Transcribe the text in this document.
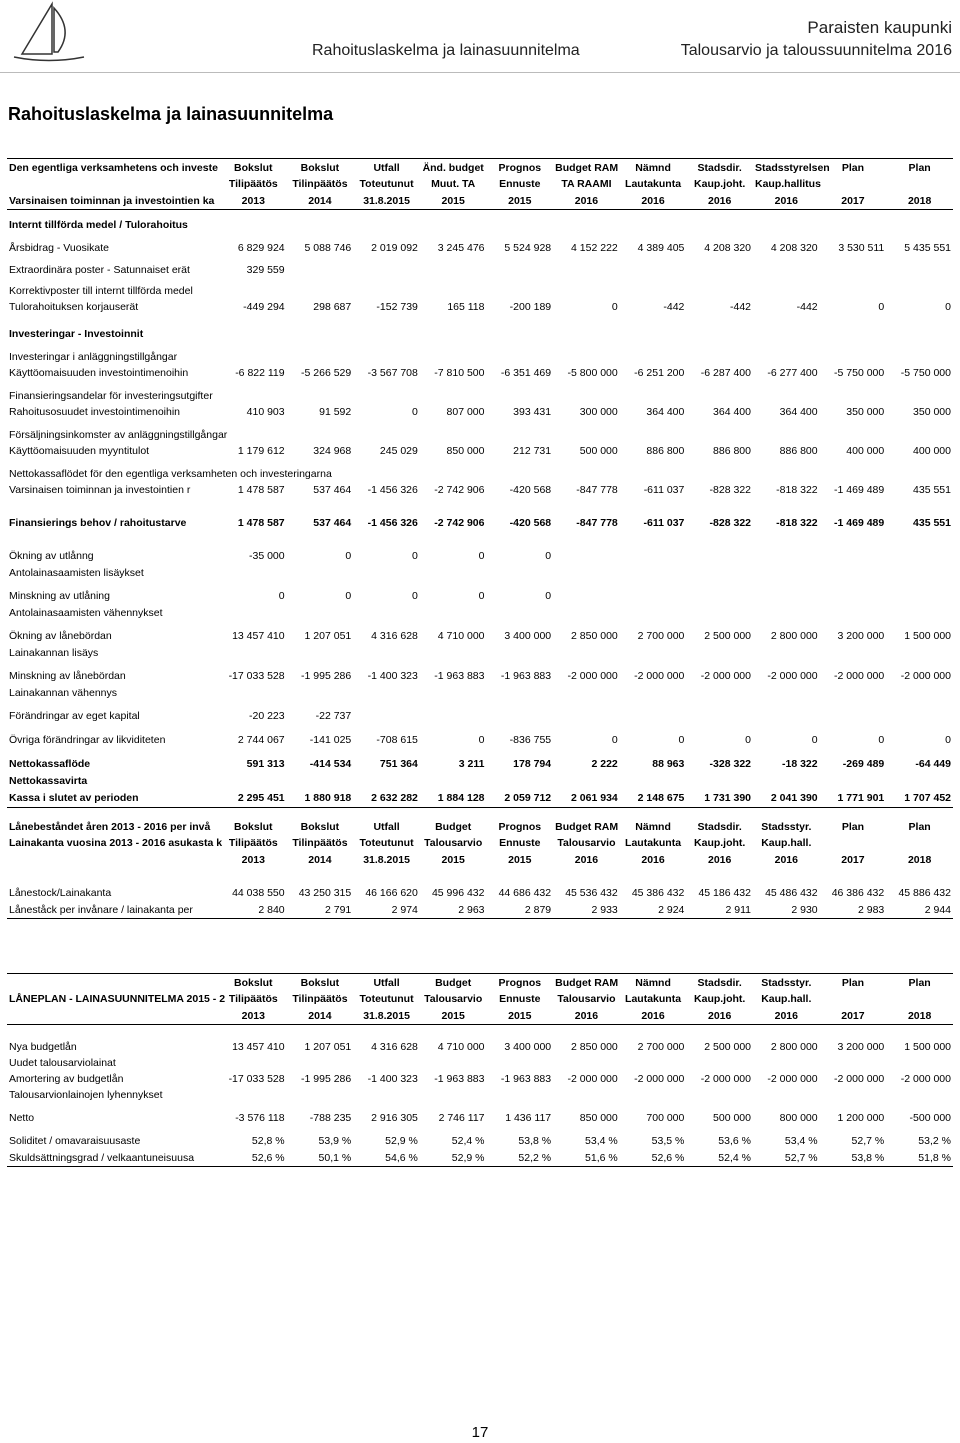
Paraisten kaupunki
Rahoituslaskelma ja lainasuunnitelma	Talousarvio ja taloussuunnitelma 2016
Rahoituslaskelma ja lainasuunnitelma
Den egentliga verksamhetens och investe	Bokslut	Bokslut	Utfall	Änd. budget	Prognos	Budget RAM	Nämnd	Stadsdir.	Stadsstyrelsen	Plan	Plan
	Tilipäätös	Tilinpäätös	Toteutunut	Muut. TA	Ennuste	TA RAAMI	Lautakunta	Kaup.joht.	Kaup.hallitus		
Varsinaisen toiminnan ja investointien ka	2013	2014	31.8.2015	2015	2015	2016	2016	2016	2016	2017	2018

Internt tillförda medel / Tulorahoitus											

Årsbidrag - Vuosikate	6 829 924	5 088 746	2 019 092	3 245 476	5 524 928	4 152 222	4 389 405	4 208 320	4 208 320	3 530 511	5 435 551

Extraordinära poster - Satunnaiset erät	329 559										

Korrektivposter till internt tillförda medel											
Tulorahoituksen korjauserät	-449 294	298 687	-152 739	165 118	-200 189	0	-442	-442	-442	0	0

Investeringar - Investoinnit											

Investeringar i anläggningstillgångar											
Käyttöomaisuuden investointimenoihin	-6 822 119	-5 266 529	-3 567 708	-7 810 500	-6 351 469	-5 800 000	-6 251 200	-6 287 400	-6 277 400	-5 750 000	-5 750 000

Finansieringsandelar för investeringsutgifter											
Rahoitusosuudet investointimenoihin	410 903	91 592	0	807 000	393 431	300 000	364 400	364 400	364 400	350 000	350 000

Försäljningsinkomster av anläggningstillgångar											
Käyttöomaisuuden myyntitulot	1 179 612	324 968	245 029	850 000	212 731	500 000	886 800	886 800	886 800	400 000	400 000

Nettokassaflödet för den egentliga verksamheten och investeringarna											
Varsinaisen toiminnan ja investointien r	1 478 587	537 464	-1 456 326	-2 742 906	-420 568	-847 778	-611 037	-828 322	-818 322	-1 469 489	435 551

Finansierings behov / rahoitustarve	1 478 587	537 464	-1 456 326	-2 742 906	-420 568	-847 778	-611 037	-828 322	-818 322	-1 469 489	435 551

Ökning av utlånng	-35 000	0	0	0	0						
Antolainasaamisten lisäykset											

Minskning av utlåning	0	0	0	0	0						
Antolainasaamisten vähennykset											

Ökning av lånebördan	13 457 410	1 207 051	4 316 628	4 710 000	3 400 000	2 850 000	2 700 000	2 500 000	2 800 000	3 200 000	1 500 000
Lainakannan lisäys											

Minskning av lånebördan	-17 033 528	-1 995 286	-1 400 323	-1 963 883	-1 963 883	-2 000 000	-2 000 000	-2 000 000	-2 000 000	-2 000 000	-2 000 000
Lainakannan vähennys											

Förändringar av eget kapital	-20 223	-22 737									

Övriga förändringar av likviditeten	2 744 067	-141 025	-708 615	0	-836 755	0	0	0	0	0	0

Nettokassaflöde	591 313	-414 534	751 364	3 211	178 794	2 222	88 963	-328 322	-18 322	-269 489	-64 449
Nettokassavirta											
Kassa i slutet av perioden	2 295 451	1 880 918	2 632 282	1 884 128	2 059 712	2 061 934	2 148 675	1 731 390	2 041 390	1 771 901	1 707 452

Lånebeståndet åren 2013 - 2016 per invå	Bokslut	Bokslut	Utfall	Budget	Prognos	Budget RAM	Nämnd	Stadsdir.	Stadsstyr.	Plan	Plan
Lainakanta vuosina 2013 - 2016 asukasta k	Tilipäätös	Tilinpäätös	Toteutunut	Talousarvio	Ennuste	Talousarvio	Lautakunta	Kaup.joht.	Kaup.hall.		
	2013	2014	31.8.2015	2015	2015	2016	2016	2016	2016	2017	2018

Lånestock/Lainakanta	44 038 550	43 250 315	46 166 620	45 996 432	44 686 432	45 536 432	45 386 432	45 186 432	45 486 432	46 386 432	45 886 432
Låneståck per invånare / lainakanta per	2 840	2 791	2 974	2 963	2 879	2 933	2 924	2 911	2 930	2 983	2 944

	Bokslut	Bokslut	Utfall	Budget	Prognos	Budget RAM	Nämnd	Stadsdir.	Stadsstyr.	Plan	Plan
LÅNEPLAN - LAINASUUNNITELMA 2015 - 2	Tilipäätös	Tilinpäätös	Toteutunut	Talousarvio	Ennuste	Talousarvio	Lautakunta	Kaup.joht.	Kaup.hall.		
	2013	2014	31.8.2015	2015	2015	2016	2016	2016	2016	2017	2018

Nya budgetlån	13 457 410	1 207 051	4 316 628	4 710 000	3 400 000	2 850 000	2 700 000	2 500 000	2 800 000	3 200 000	1 500 000
Uudet talousarviolainat											
Amortering av budgetlån	-17 033 528	-1 995 286	-1 400 323	-1 963 883	-1 963 883	-2 000 000	-2 000 000	-2 000 000	-2 000 000	-2 000 000	-2 000 000
Talousarvionlainojen lyhennykset											

Netto	-3 576 118	-788 235	2 916 305	2 746 117	1 436 117	850 000	700 000	500 000	800 000	1 200 000	-500 000

Soliditet / omavaraisuusaste	52,8 %	53,9 %	52,9 %	52,4 %	53,8 %	53,4 %	53,5 %	53,6 %	53,4 %	52,7 %	53,2 %
Skuldsättningsgrad / velkaantuneisuusa	52,6 %	50,1 %	54,6 %	52,9 %	52,2 %	51,6 %	52,6 %	52,4 %	52,7 %	53,8 %	51,8 %
17
